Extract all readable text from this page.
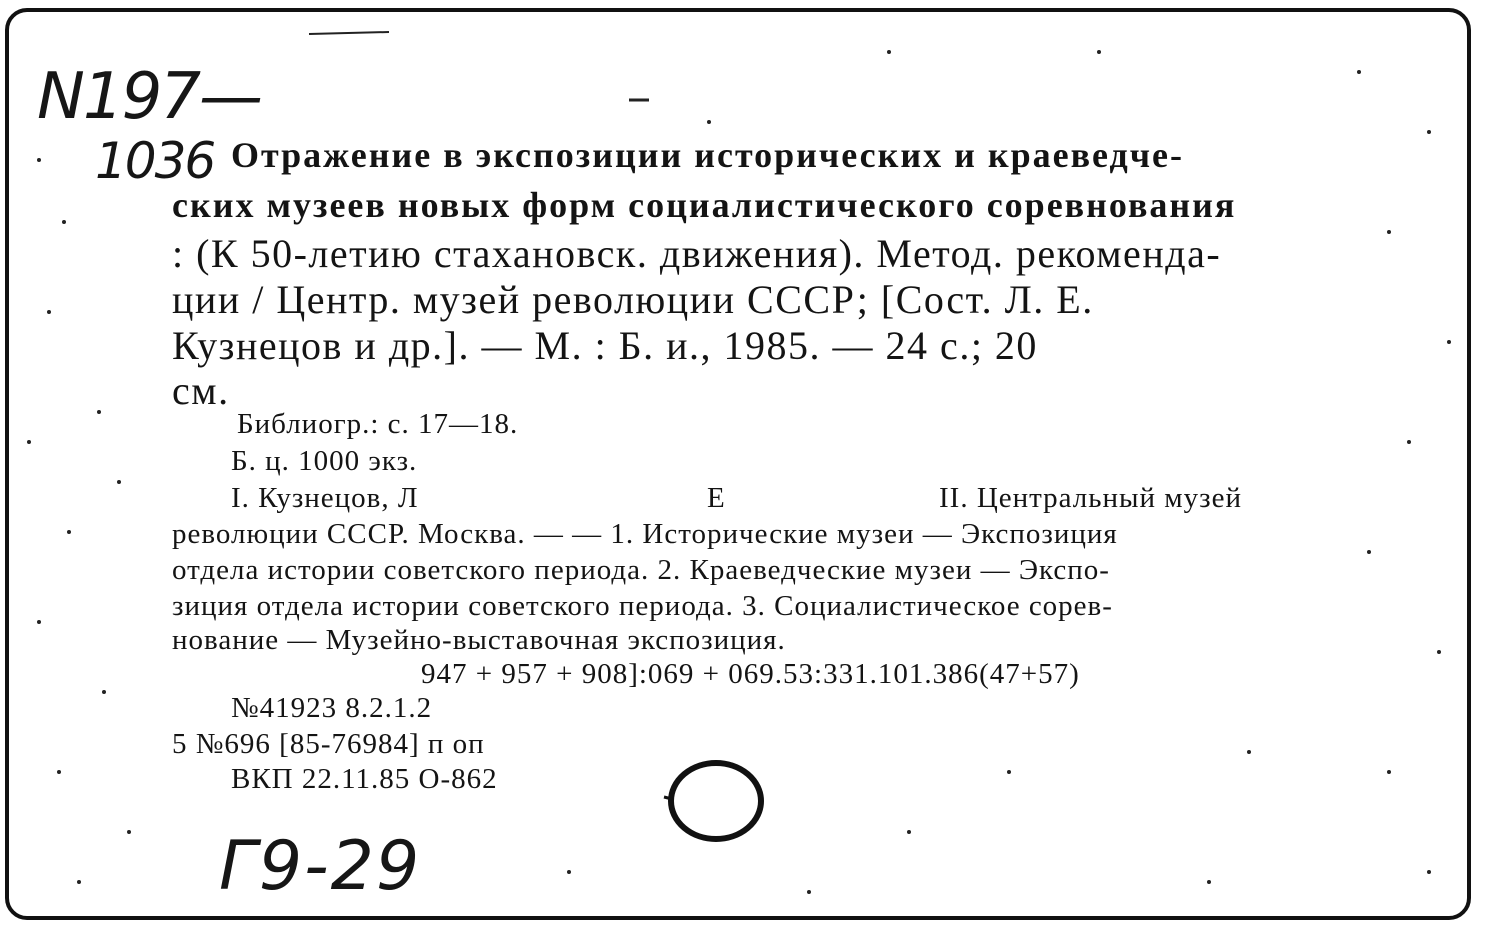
N197—
1036 Отражение в экспозиции исторических и краеведче-
ских музеев новых форм социалистического соревнования
: (К 50-летию стахановск. движения). Метод. рекоменда-
ции / Центр. музей революции СССР; [Сост. Л. Е.
Кузнецов и др.]. — М. : Б. и., 1985. — 24 с.; 20
см.
Библиогр.: с. 17—18.
Б. ц. 1000 экз.
I. Кузнецов, Л	Е	II. Центральный музей
революции СССР. Москва. — — 1. Исторические музеи — Экспозиция
отдела истории советского периода. 2. Краеведческие музеи — Экспо-
зиция отдела истории советского периода. 3. Социалистическое сорев-
нование — Музейно-выставочная экспозиция.
947 + 957 + 908]:069 + 069.53:331.101.386(47+57)
№41923 8.2.1.2
5 №696 [85-76984] п оп
ВКП 22.11.85 О-862
Г9-29
